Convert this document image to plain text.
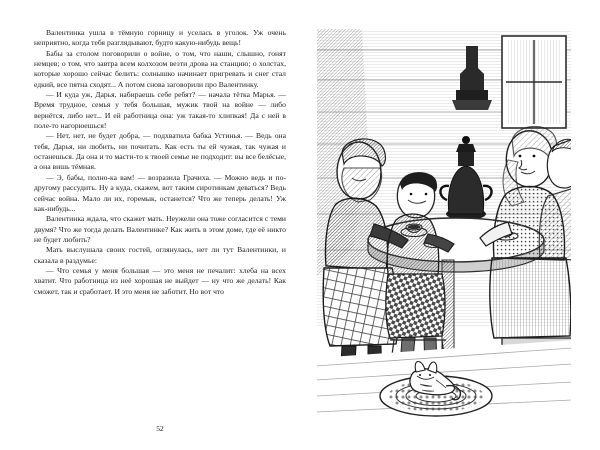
Валентинка ушла в тёмную горницу и уселась в уголок. Уж очень неприятно, когда тебя разглядывают, будто какую-нибудь вещь!

Бабы за столом поговорили о войне, о том, что наши, слышно, гонят немцев; о том, что завтра всем колхозом везти дрова на станцию; о холстах, которые хорошо сейчас белить: солнышко начинает пригревать и снег стал едкий, все пятна сходят... А потом снова заговорили про Валентинку.

— И куда уж, Дарья, набираешь себе ребят? — начала тётка Марья. — Время трудное, семья у тебя большая, мужик твой на войне — либо вернётся, либо нет... И ей работница она: уж такая-то хлипкая! Да с ней в поле-то нагорюешься!

— Нет, нет, не будет добра, — подхватила бабка Устинья. — Ведь она тебя, Дарья, ни любить, ни почитать. Как есть ты ей чужая, так чужая и останешься. Да она и то маcти-то к твоей семье не подходит: вы все белёсые, а она вишь тёмная.

— Э, бабы, полно-ка вам! — возразила Грачиха. — Можно ведь и по-другому рассудить. Ну а куда, скажем, вот таким сиротинкам деваться? Ведь сейчас война. Мало ли их, горемык, останется? Что же теперь делать! Уж как-нибудь...

Валентинка ждала, что скажет мать. Неужели она тоже согласится с теми двумя? Что же тогда делать Валентинке? Как жить в этом доме, где её никто не будет любить?

Мать выслушала своих гостей, оглянулась, нет ли тут Валентинки, и сказала в раздумье:

— Что семья у меня большая — это меня не печалит: хлеба на всех хватит. Что работница из неё хорошая не выйдет — ну что же делать! Как сможет, так и сработает. И это меня не заботит. Но вот что

52
